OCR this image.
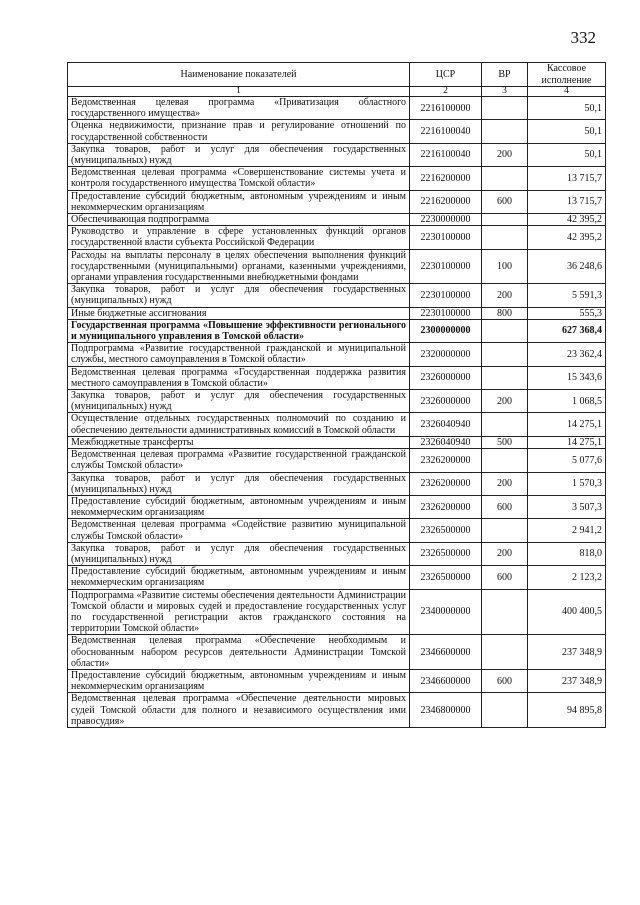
332
Наименование показателей	ЦСР	ВР	Кассовое исполнение
1	2	3	4
Ведомственная целевая программа «Приватизация областного государственного имущества»	2216100000		50,1
Оценка недвижимости, признание прав и регулирование отношений по государственной собственности	2216100040		50,1
Закупка товаров, работ и услуг для обеспечения государственных (муниципальных) нужд	2216100040	200	50,1
Ведомственная целевая программа «Совершенствование системы учета и контроля государственного имущества Томской области»	2216200000		13 715,7
Предоставление субсидий бюджетным, автономным учреждениям и иным некоммерческим организациям	2216200000	600	13 715,7
Обеспечивающая подпрограмма	2230000000		42 395,2
Руководство и управление в сфере установленных функций органов государственной власти субъекта Российской Федерации	2230100000		42 395,2
Расходы на выплаты персоналу в целях обеспечения выполнения функций государственными (муниципальными) органами, казенными учреждениями, органами управления государственными внебюджетными фондами	2230100000	100	36 248,6
Закупка товаров, работ и услуг для обеспечения государственных (муниципальных) нужд	2230100000	200	5 591,3
Иные бюджетные ассигнования	2230100000	800	555,3
Государственная программа «Повышение эффективности регионального и муниципального управления в Томской области»	2300000000		627 368,4
Подпрограмма «Развитие государственной гражданской и муниципальной службы, местного самоуправления в Томской области»	2320000000		23 362,4
Ведомственная целевая программа «Государственная поддержка развития местного самоуправления в Томской области»	2326000000		15 343,6
Закупка товаров, работ и услуг для обеспечения государственных (муниципальных) нужд	2326000000	200	1 068,5
Осуществление отдельных государственных полномочий по созданию и обеспечению деятельности административных комиссий в Томской области	2326040940		14 275,1
Межбюджетные трансферты	2326040940	500	14 275,1
Ведомственная целевая программа «Развитие государственной гражданской службы Томской области»	2326200000		5 077,6
Закупка товаров, работ и услуг для обеспечения государственных (муниципальных) нужд	2326200000	200	1 570,3
Предоставление субсидий бюджетным, автономным учреждениям и иным некоммерческим организациям	2326200000	600	3 507,3
Ведомственная целевая программа «Содействие развитию муниципальной службы Томской области»	2326500000		2 941,2
Закупка товаров, работ и услуг для обеспечения государственных (муниципальных) нужд	2326500000	200	818,0
Предоставление субсидий бюджетным, автономным учреждениям и иным некоммерческим организациям	2326500000	600	2 123,2
Подпрограмма «Развитие системы обеспечения деятельности Администрации Томской области и мировых судей и предоставление государственных услуг по государственной регистрации актов гражданского состояния на территории Томской области»	2340000000		400 400,5
Ведомственная целевая программа «Обеспечение необходимым и обоснованным набором ресурсов деятельности Администрации Томской области»	2346600000		237 348,9
Предоставление субсидий бюджетным, автономным учреждениям и иным некоммерческим организациям	2346600000	600	237 348,9
Ведомственная целевая программа «Обеспечение деятельности мировых судей Томской области для полного и независимого осуществления ими правосудия»	2346800000		94 895,8
